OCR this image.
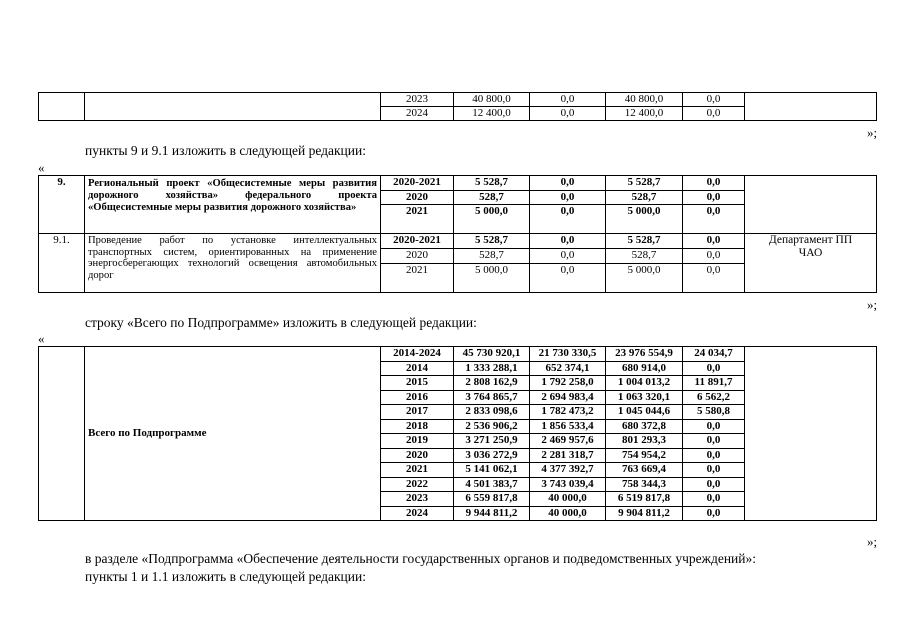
		2023	40 800,0	0,0	40 800,0	0,0	
		2024	12 400,0	0,0	12 400,0	0,0	
»;
пункты 9 и 9.1 изложить в следующей редакции:
«
9.	Региональный проект «Общесистемные меры развития дорожного хозяйства» федерального проекта «Общесистемные меры развития дорожного хозяйства»	2020-2021	5 528,7	0,0	5 528,7	0,0	
		2020	528,7	0,0	528,7	0,0	
		2021	5 000,0	0,0	5 000,0	0,0	
9.1.	Проведение работ по установке интеллектуальных транспортных систем, ориентированных на применение энергосберегающих технологий освещения автомобильных дорог	2020-2021	5 528,7	0,0	5 528,7	0,0	Департамент ПП ЧАО
		2020	528,7	0,0	528,7	0,0	
		2021	5 000,0	0,0	5 000,0	0,0	
»;
строку «Всего по Подпрограмме» изложить в следующей редакции:
«
	Всего по Подпрограмме	2014-2024	45 730 920,1	21 730 330,5	23 976 554,9	24 034,7	
		2014	1 333 288,1	652 374,1	680 914,0	0,0	
		2015	2 808 162,9	1 792 258,0	1 004 013,2	11 891,7	
		2016	3 764 865,7	2 694 983,4	1 063 320,1	6 562,2	
		2017	2 833 098,6	1 782 473,2	1 045 044,6	5 580,8	
		2018	2 536 906,2	1 856 533,4	680 372,8	0,0	
		2019	3 271 250,9	2 469 957,6	801 293,3	0,0	
		2020	3 036 272,9	2 281 318,7	754 954,2	0,0	
		2021	5 141 062,1	4 377 392,7	763 669,4	0,0	
		2022	4 501 383,7	3 743 039,4	758 344,3	0,0	
		2023	6 559 817,8	40 000,0	6 519 817,8	0,0	
		2024	9 944 811,2	40 000,0	9 904 811,2	0,0	
»;
в разделе «Подпрограмма «Обеспечение деятельности государственных органов и подведомственных учреждений»:
пункты 1 и 1.1 изложить в следующей редакции:
